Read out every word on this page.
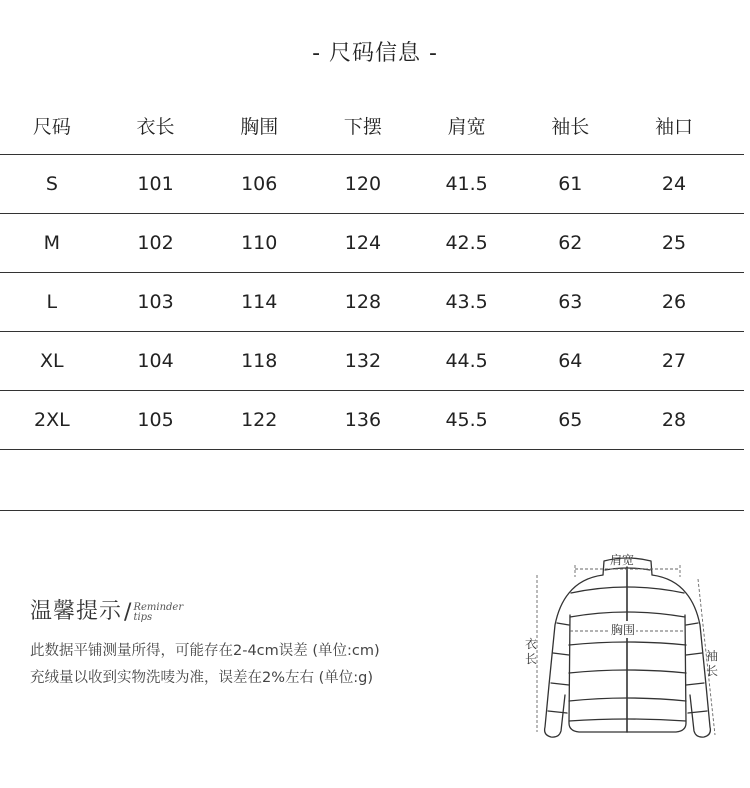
- 尺码信息 -
尺码	衣长	胸围	下摆	肩宽	袖长	袖口
S	101	106	120	41.5	61	24
M	102	110	124	42.5	62	25
L	103	114	128	43.5	63	26
XL	104	118	132	44.5	64	27
2XL	105	122	136	45.5	65	28
温馨提示 / Reminder
tips
此数据平铺测量所得，可能存在2-4cm误差 (单位:cm)
充绒量以收到实物洗唛为准，误差在2%左右 (单位:g)
肩宽
胸围
衣
长	袖
长
